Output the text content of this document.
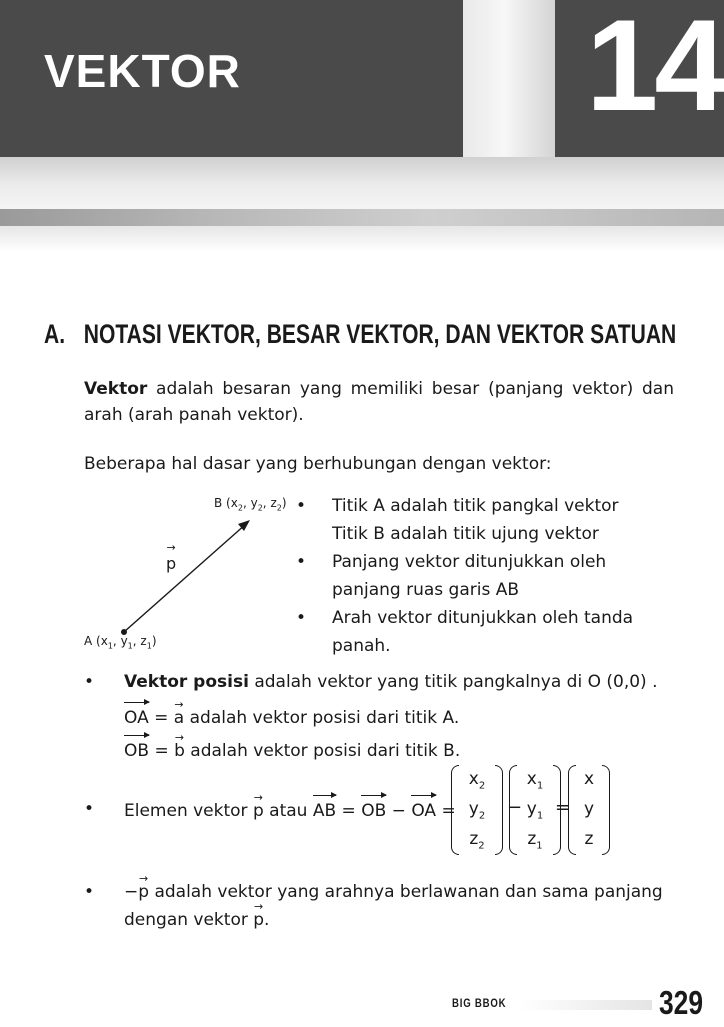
VEKTOR	14
A. NOTASI VEKTOR, BESAR VEKTOR, DAN VEKTOR SATUAN
Vektor adalah besaran yang memiliki besar (panjang vektor) dan arah (arah panah vektor).
Beberapa hal dasar yang berhubungan dengan vektor:
B ($x_2$, $y_2$, $z_2$)
A ($x_1$, $y_1$, $z_1$)
→ p
• Titik A adalah titik pangkal vektor
Titik B adalah titik ujung vektor
• Panjang vektor ditunjukkan oleh
panjang ruas garis AB
• Arah vektor ditunjukkan oleh tanda
panah.
• Vektor posisi adalah vektor yang titik pangkalnya di O (0,0) .
OA = → a adalah vektor posisi dari titik A.
OB = → b adalah vektor posisi dari titik B.
• Elemen vektor → p atau AB = OB − OA =
$x_2$
$y_2$
$z_2$
−
$x_1$
$y_1$
$z_1$
=
x
y
z
• −→ p adalah vektor yang arahnya berlawanan dan sama panjang
dengan vektor → p.
BIG BBOK	329
